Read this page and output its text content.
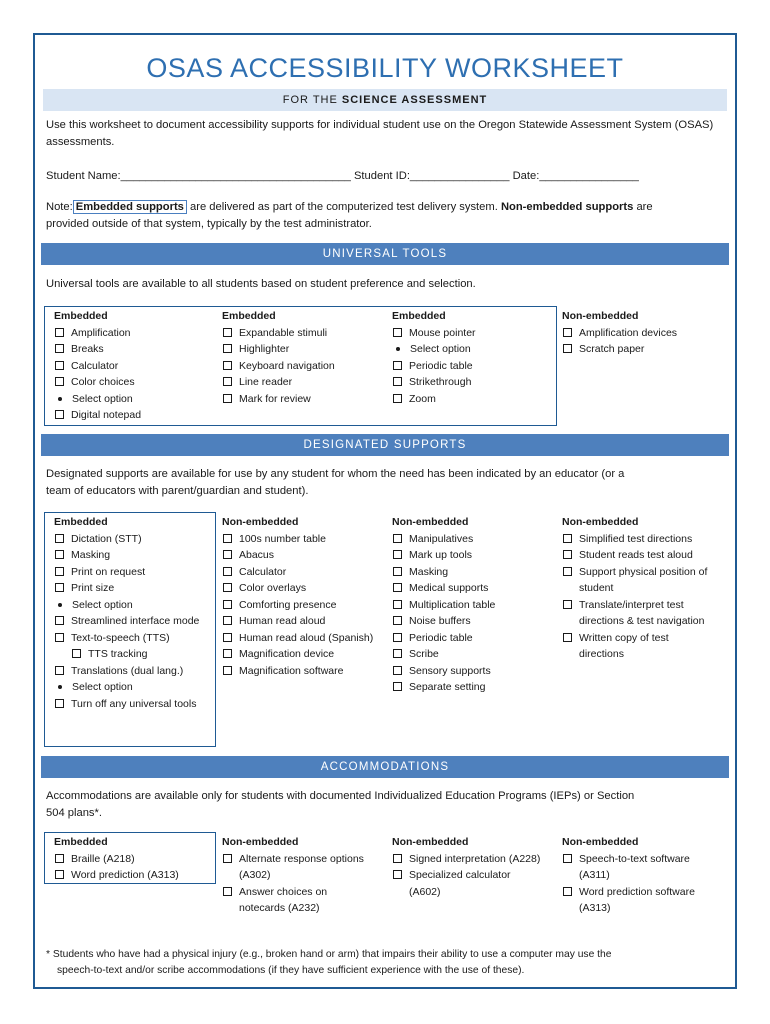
OSAS ACCESSIBILITY WORKSHEET
FOR THE SCIENCE ASSESSMENT
Use this worksheet to document accessibility supports for individual student use on the Oregon Statewide Assessment System (OSAS) assessments.
Student Name:_____________________________________ Student ID:________________ Date:________________
Note: Embedded supports are delivered as part of the computerized test delivery system. Non-embedded supports are
provided outside of that system, typically by the test administrator.
UNIVERSAL TOOLS
Universal tools are available to all students based on student preference and selection.
Embedded
Amplification
Breaks
Calculator
Color choices
Select option
Digital notepad
Embedded
Expandable stimuli
Highlighter
Keyboard navigation
Line reader
Mark for review
Embedded
Mouse pointer
Select option
Periodic table
Strikethrough
Zoom
Non-embedded
Amplification devices
Scratch paper
DESIGNATED SUPPORTS
Designated supports are available for use by any student for whom the need has been indicated by an educator (or a
team of educators with parent/guardian and student).
Embedded
Dictation (STT)
Masking
Print on request
Print size
Select option
Streamlined interface mode
Text-to-speech (TTS)
TTS tracking
Translations (dual lang.)
Select option
Turn off any universal tools
Non-embedded
100s number table
Abacus
Calculator
Color overlays
Comforting presence
Human read aloud
Human read aloud (Spanish)
Magnification device
Magnification software
Non-embedded
Manipulatives
Mark up tools
Masking
Medical supports
Multiplication table
Noise buffers
Periodic table
Scribe
Sensory supports
Separate setting
Non-embedded
Simplified test directions
Student reads test aloud
Support physical position of student
Translate/interpret test directions & test navigation
Written copy of test directions
ACCOMMODATIONS
Accommodations are available only for students with documented Individualized Education Programs (IEPs) or Section
504 plans*.
Embedded
Braille (A218)
Word prediction (A313)
Non-embedded
Alternate response options (A302)
Answer choices on notecards (A232)
Non-embedded
Signed interpretation (A228)
Specialized calculator (A602)
Non-embedded
Speech-to-text software (A311)
Word prediction software (A313)
* Students who have had a physical injury (e.g., broken hand or arm) that impairs their ability to use a computer may use the
speech-to-text and/or scribe accommodations (if they have sufficient experience with the use of these).
